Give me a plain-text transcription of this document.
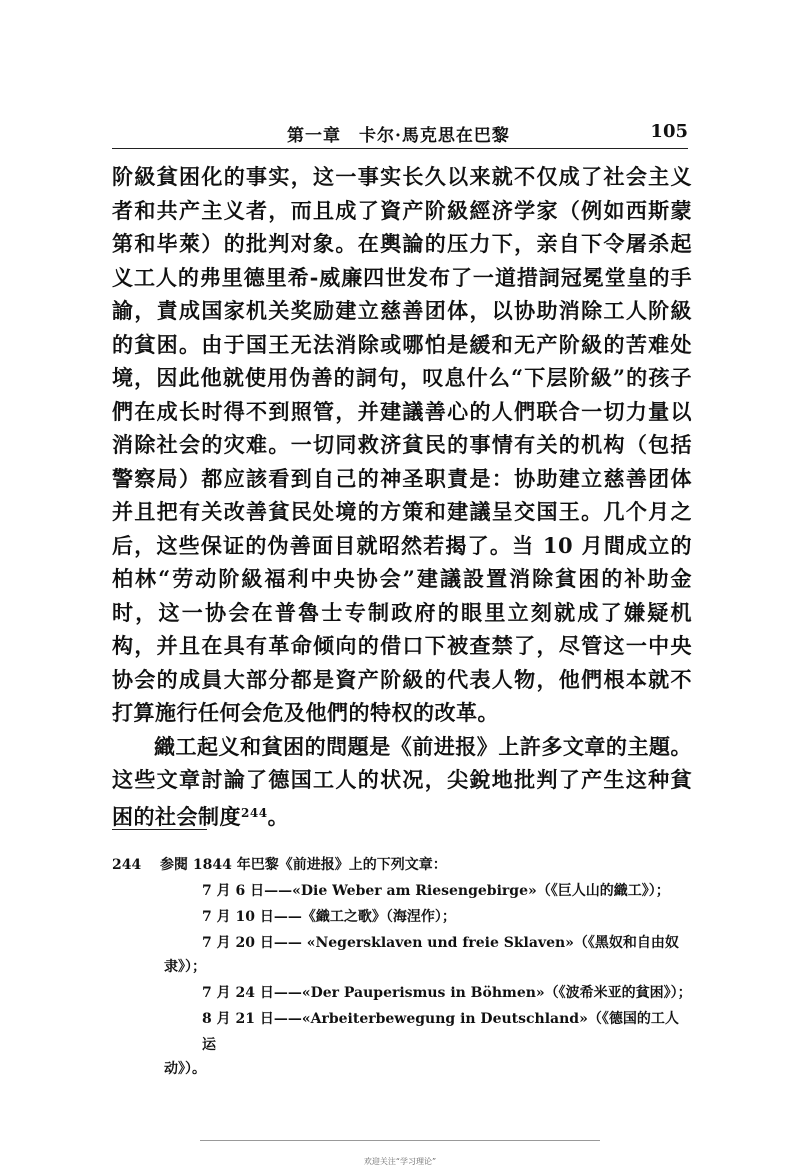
第一章　卡尔·馬克思在巴黎	105

阶級貧困化的事实，这一事实长久以来就不仅成了社会主义者和共产主义者，而且成了資产阶級經济学家（例如西斯蒙第和毕萊）的批判对象。在輿論的压力下，亲自下令屠杀起义工人的弗里德里希-威廉四世发布了一道措詞冠冕堂皇的手諭，責成国家机关奖励建立慈善团体，以协助消除工人阶級的貧困。由于国王无法消除或哪怕是緩和无产阶級的苦难处境，因此他就使用伪善的詞句，叹息什么“下层阶級”的孩子們在成长时得不到照管，并建議善心的人們联合一切力量以消除社会的灾难。一切同救济貧民的事情有关的机构（包括警察局）都应該看到自己的神圣职責是：协助建立慈善团体并且把有关改善貧民处境的方策和建議呈交国王。几个月之后，这些保证的伪善面目就昭然若揭了。当 10 月間成立的柏林“劳动阶級福利中央协会”建議設置消除貧困的补助金时，这一协会在普魯士专制政府的眼里立刻就成了嫌疑机构，并且在具有革命倾向的借口下被查禁了，尽管这一中央协会的成員大部分都是資产阶級的代表人物，他們根本就不打算施行任何会危及他們的特权的改革。

織工起义和貧困的問題是《前进报》上許多文章的主題。这些文章討論了德国工人的状况，尖銳地批判了产生这种貧困的社会制度$^{244}$。

244 参閱 1844 年巴黎《前进报》上的下列文章：
7 月 6 日——«Die Weber am Riesengebirge»（《巨人山的織工》）；
7 月 10 日——《織工之歌》（海涅作）；
7 月 20 日—— «Negersklaven und freie Sklaven»（《黑奴和自由奴
隶》）；
7 月 24 日——«Der Pauperismus in Böhmen»（《波希米亚的貧困》）；
8 月 21 日——«Arbeiterbewegung in Deutschland»（《德国的工人运
动》）。
欢迎关注“学习理论”
